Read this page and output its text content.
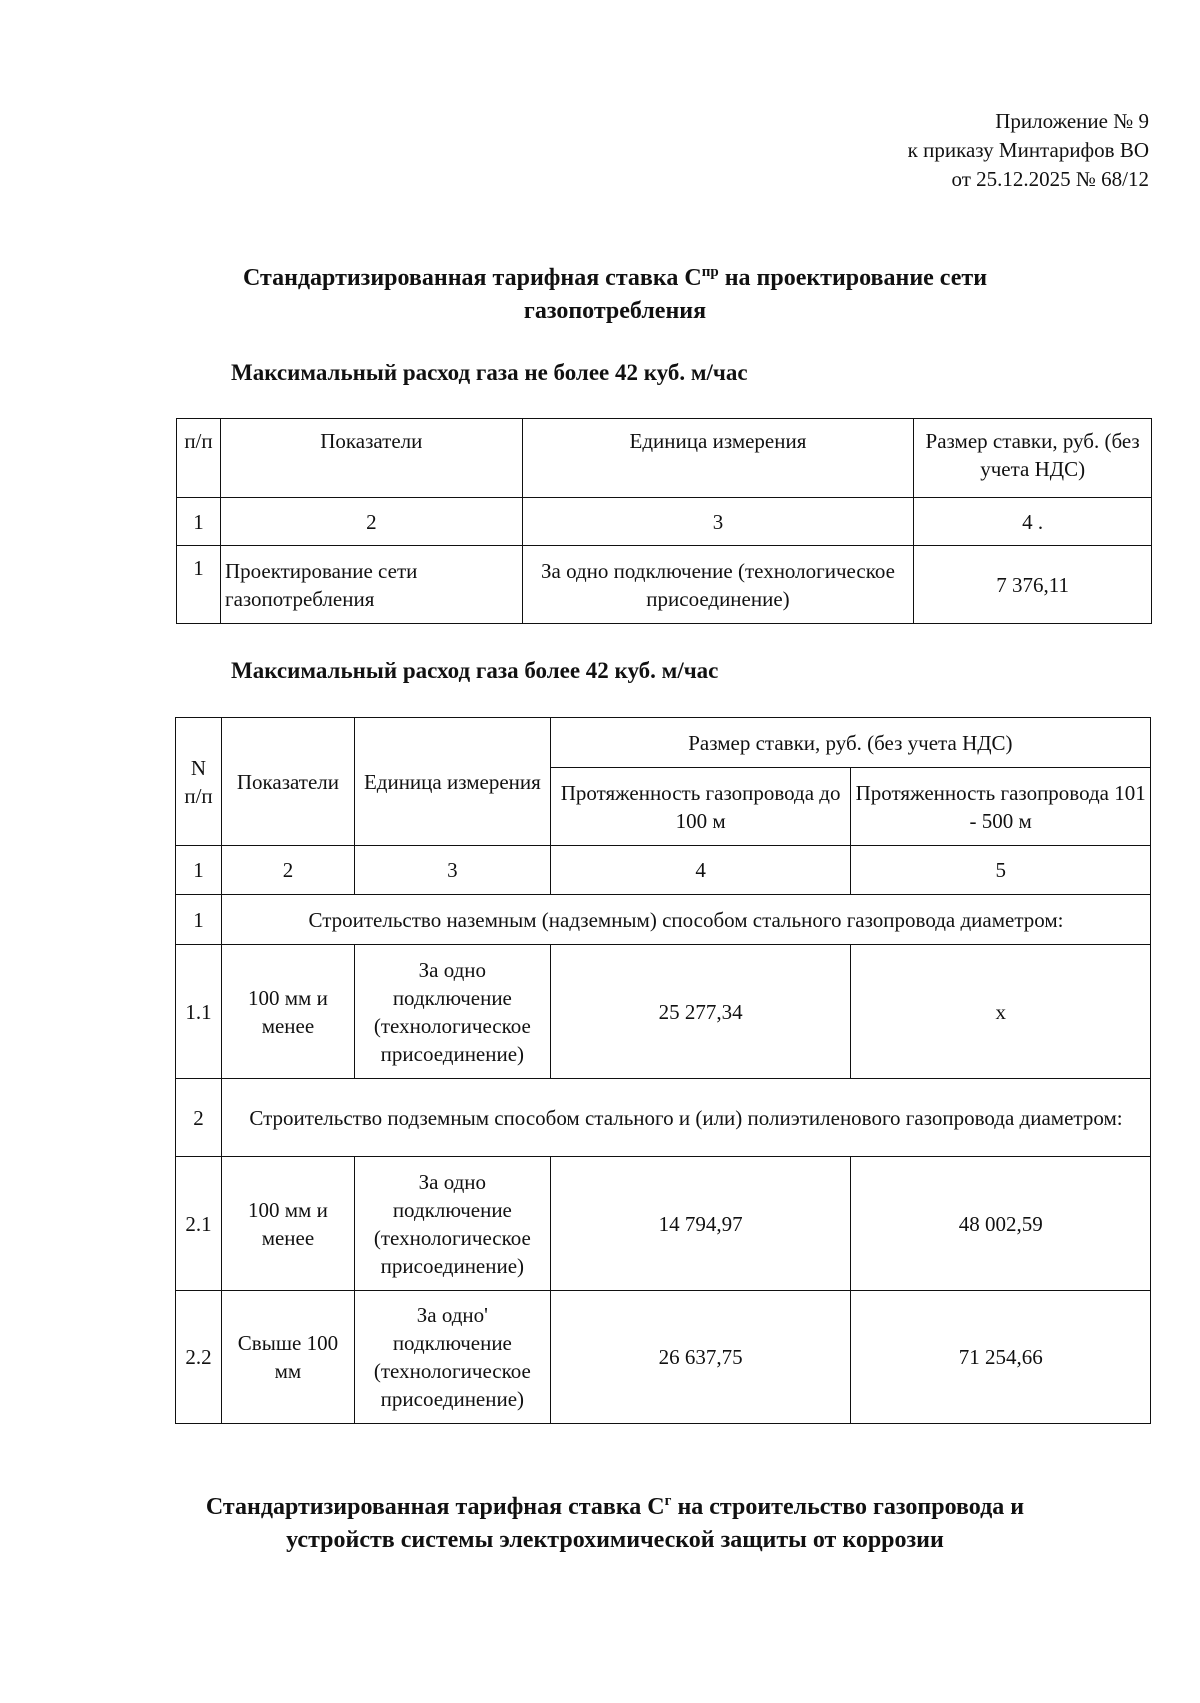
Приложение № 9
к приказу Минтарифов ВО
от 25.12.2025 № 68/12
Стандартизированная тарифная ставка $С^{пр}$ на проектирование сети газопотребления
Максимальный расход газа не более 42 куб. м/час
п/п	Показатели	Единица измерения	Размер ставки, руб. (без учета НДС)
1	2	3	4 .
1	Проектирование сети газопотребления	За одно подключение (технологическое присоединение)	7 376,11
Максимальный расход газа более 42 куб. м/час
N п/п	Показатели	Единица измерения	Размер ставки, руб. (без учета НДС)	
			Протяженность газопровода до 100 м	Протяженность газопровода 101 - 500 м
1	2	3	4	5
1	Строительство наземным (надземным) способом стального газопровода диаметром:			
1.1	100 мм и менее	За одно подключение (технологическое присоединение)	25 277,34	х
2	Строительство подземным способом стального и (или) полиэтиленового газопровода диаметром:			
2.1	100 мм и менее	За одно подключение (технологическое присоединение)	14 794,97	48 002,59
2.2	Свыше 100 мм	За одно' подключение (технологическое присоединение)	26 637,75	71 254,66
Стандартизированная тарифная ставка $С^г$ на строительство газопровода и устройств системы электрохимической защиты от коррозии
